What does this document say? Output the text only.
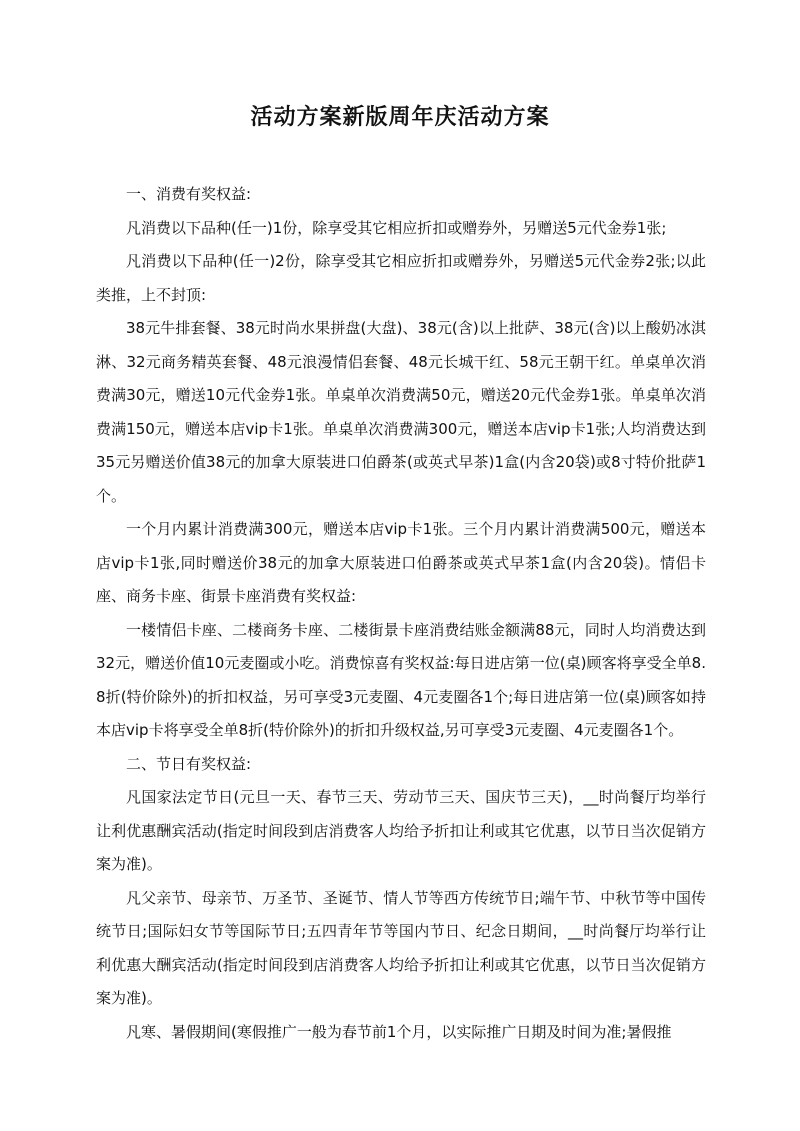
活动方案新版周年庆活动方案

一、消费有奖权益:

凡消费以下品种(任一)1份，除享受其它相应折扣或赠券外，另赠送5元代金券1张;

凡消费以下品种(任一)2份，除享受其它相应折扣或赠券外，另赠送5元代金券2张;以此类推，上不封顶:

38元牛排套餐、38元时尚水果拼盘(大盘)、38元(含)以上批萨、38元(含)以上酸奶冰淇淋、32元商务精英套餐、48元浪漫情侣套餐、48元长城干红、58元王朝干红。单桌单次消费满30元，赠送10元代金券1张。单桌单次消费满50元，赠送20元代金券1张。单桌单次消费满150元，赠送本店vip卡1张。单桌单次消费满300元，赠送本店vip卡1张;人均消费达到35元另赠送价值38元的加拿大原装进口伯爵茶(或英式早茶)1盒(内含20袋)或8寸特价批萨1个。

一个月内累计消费满300元，赠送本店vip卡1张。三个月内累计消费满500元，赠送本店vip卡1张,同时赠送价38元的加拿大原装进口伯爵茶或英式早茶1盒(内含20袋)。情侣卡座、商务卡座、街景卡座消费有奖权益:

一楼情侣卡座、二楼商务卡座、二楼街景卡座消费结账金额满88元，同时人均消费达到32元，赠送价值10元麦圈或小吃。消费惊喜有奖权益:每日进店第一位(桌)顾客将享受全单8.8折(特价除外)的折扣权益，另可享受3元麦圈、4元麦圈各1个;每日进店第一位(桌)顾客如持本店vip卡将享受全单8折(特价除外)的折扣升级权益,另可享受3元麦圈、4元麦圈各1个。

二、节日有奖权益:

凡国家法定节日(元旦一天、春节三天、劳动节三天、国庆节三天)，__时尚餐厅均举行让利优惠酬宾活动(指定时间段到店消费客人均给予折扣让利或其它优惠，以节日当次促销方案为准)。

凡父亲节、母亲节、万圣节、圣诞节、情人节等西方传统节日;端午节、中秋节等中国传统节日;国际妇女节等国际节日;五四青年节等国内节日、纪念日期间，__时尚餐厅均举行让利优惠大酬宾活动(指定时间段到店消费客人均给予折扣让利或其它优惠，以节日当次促销方案为准)。

凡寒、暑假期间(寒假推广一般为春节前1个月，以实际推广日期及时间为准;暑假推
